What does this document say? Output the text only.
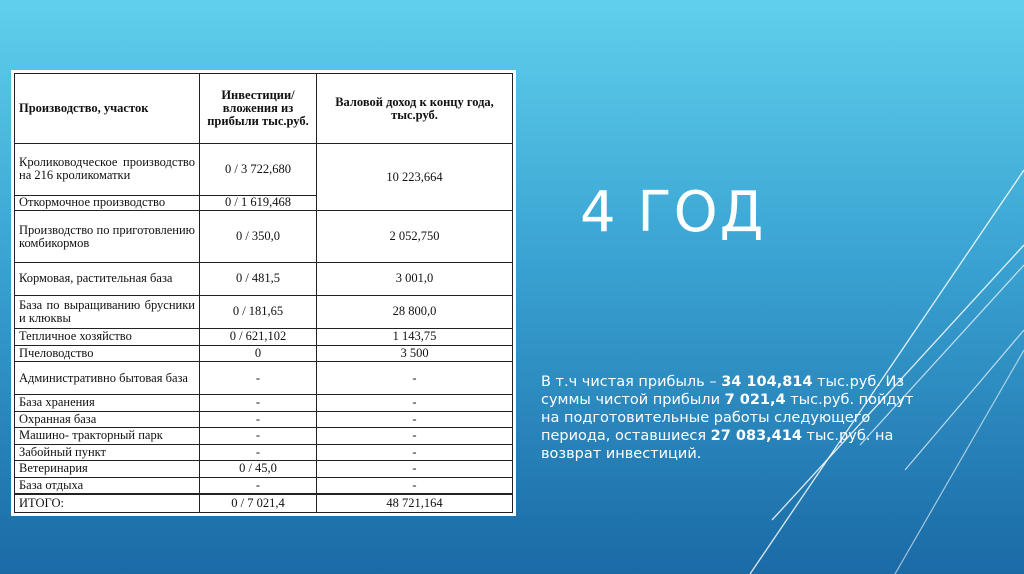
Производство, участок	Инвестиции/ вложения из прибыли тыс.руб.	Валовой доход к концу года, тыс.руб.
Кролиководческое производство на 216 кроликоматки	0 / 3 722,680	10 223,664
Откормочное производство	0 / 1 619,468	
Производство по приготовлению комбикормов	0 / 350,0	2 052,750
Кормовая, растительная база	0 / 481,5	3 001,0
База по выращиванию брусники и клюквы	0 / 181,65	28 800,0
Тепличное хозяйство	0 / 621,102	1 143,75
Пчеловодство	0	3 500
Административно бытовая база	-	-
База хранения	-	-
Охранная база	-	-
Машино- тракторный парк	-	-
Забойный пункт	-	-
Ветеринария	0 / 45,0	-
База отдыха	-	-
ИТОГО:	0 / 7 021,4	48 721,164
4 ГОД
В т.ч чистая прибыль – 34 104,814 тыс.руб. Из суммы чистой прибыли 7 021,4 тыс.руб. пойдут на подготовительные работы следующего периода, оставшиеся 27 083,414 тыс.руб. на возврат инвестиций.
